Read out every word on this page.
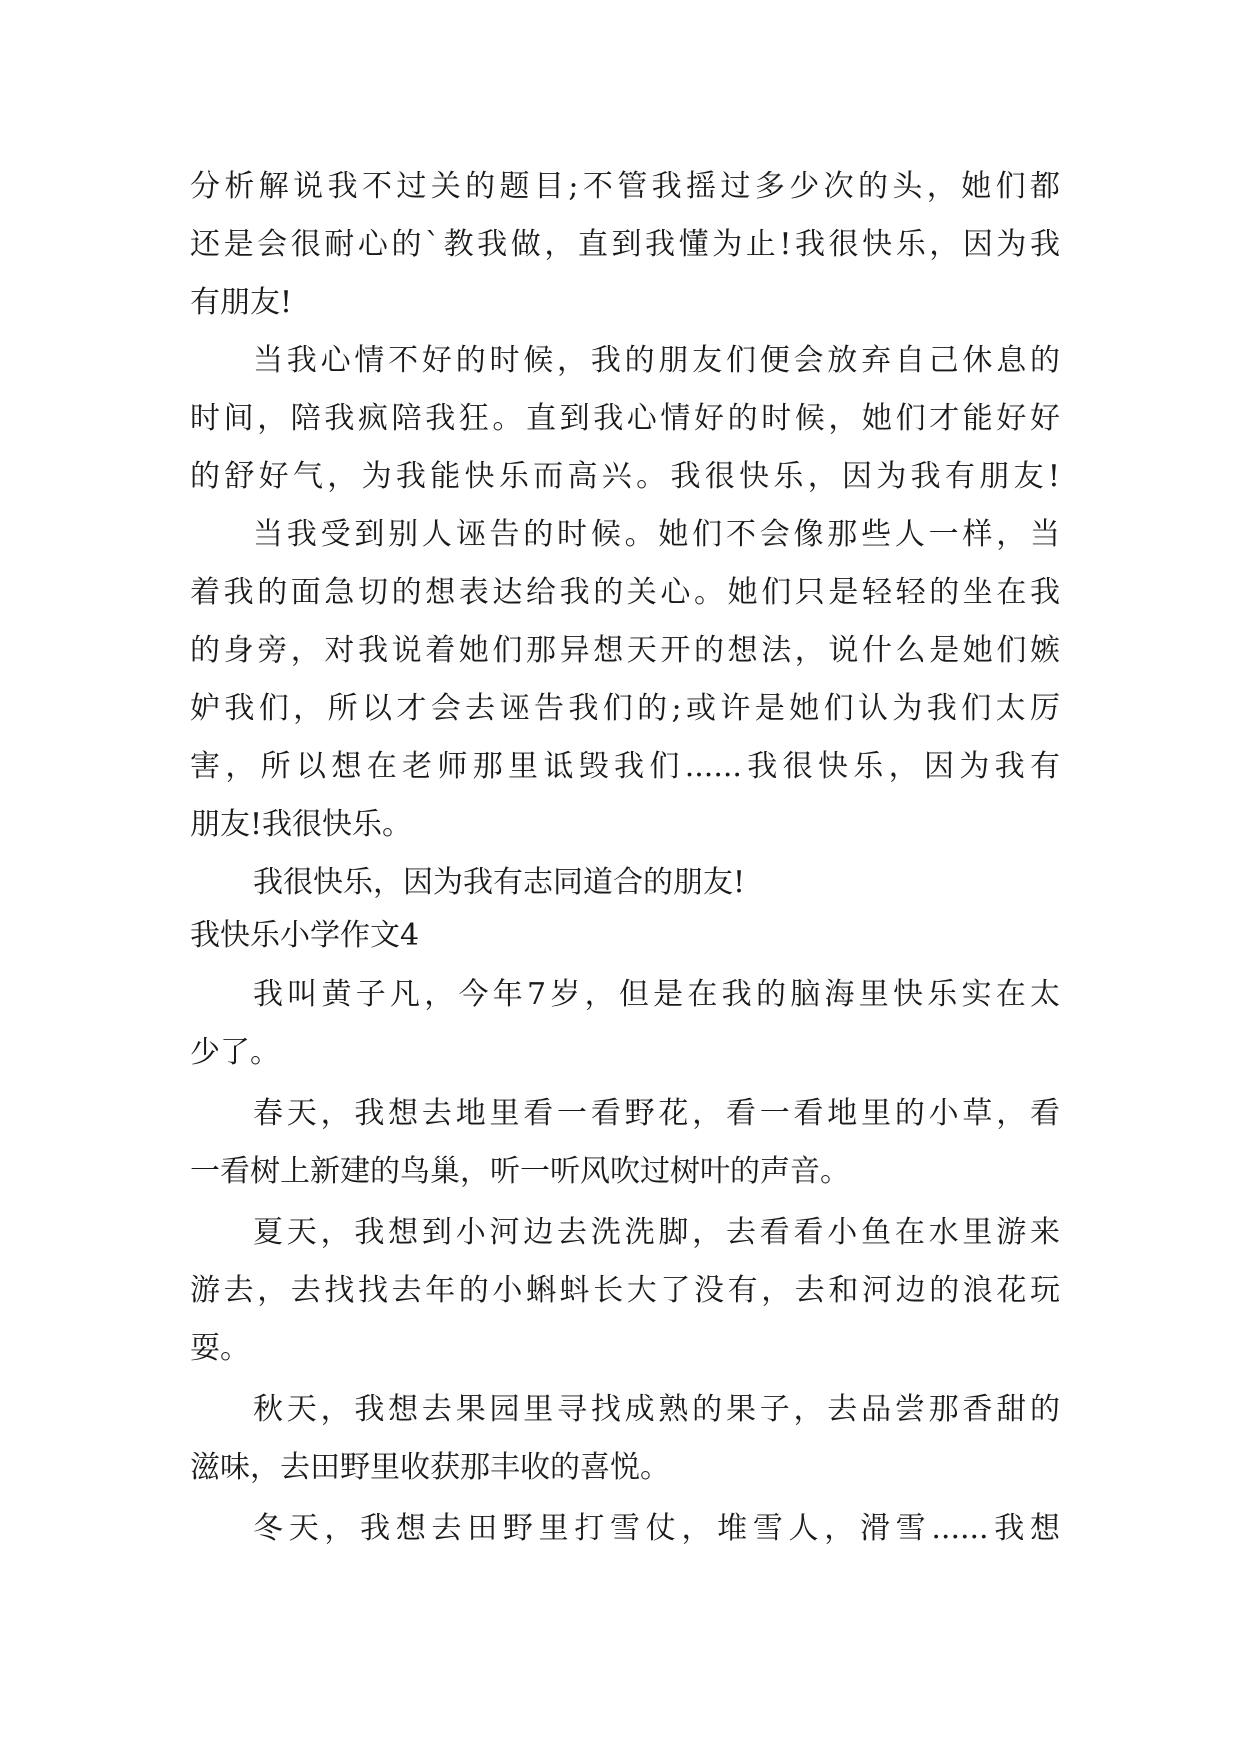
分析解说我不过关的题目;不管我摇过多少次的头，她们都

还是会很耐心的`教我做，直到我懂为止!我很快乐，因为我

有朋友!

当我心情不好的时候，我的朋友们便会放弃自己休息的

时间，陪我疯陪我狂。直到我心情好的时候，她们才能好好

的舒好气，为我能快乐而高兴。我很快乐，因为我有朋友!

当我受到别人诬告的时候。她们不会像那些人一样，当

着我的面急切的想表达给我的关心。她们只是轻轻的坐在我

的身旁，对我说着她们那异想天开的想法，说什么是她们嫉

妒我们，所以才会去诬告我们的;或许是她们认为我们太厉

害，所以想在老师那里诋毁我们......我很快乐，因为我有

朋友!我很快乐。

我很快乐，因为我有志同道合的朋友!

我快乐小学作文4

我叫黄子凡，今年7岁，但是在我的脑海里快乐实在太

少了。

春天，我想去地里看一看野花，看一看地里的小草，看

一看树上新建的鸟巢，听一听风吹过树叶的声音。

夏天，我想到小河边去洗洗脚，去看看小鱼在水里游来

游去，去找找去年的小蝌蚪长大了没有，去和河边的浪花玩

耍。

秋天，我想去果园里寻找成熟的果子，去品尝那香甜的

滋味，去田野里收获那丰收的喜悦。

冬天，我想去田野里打雪仗，堆雪人，滑雪......我想
